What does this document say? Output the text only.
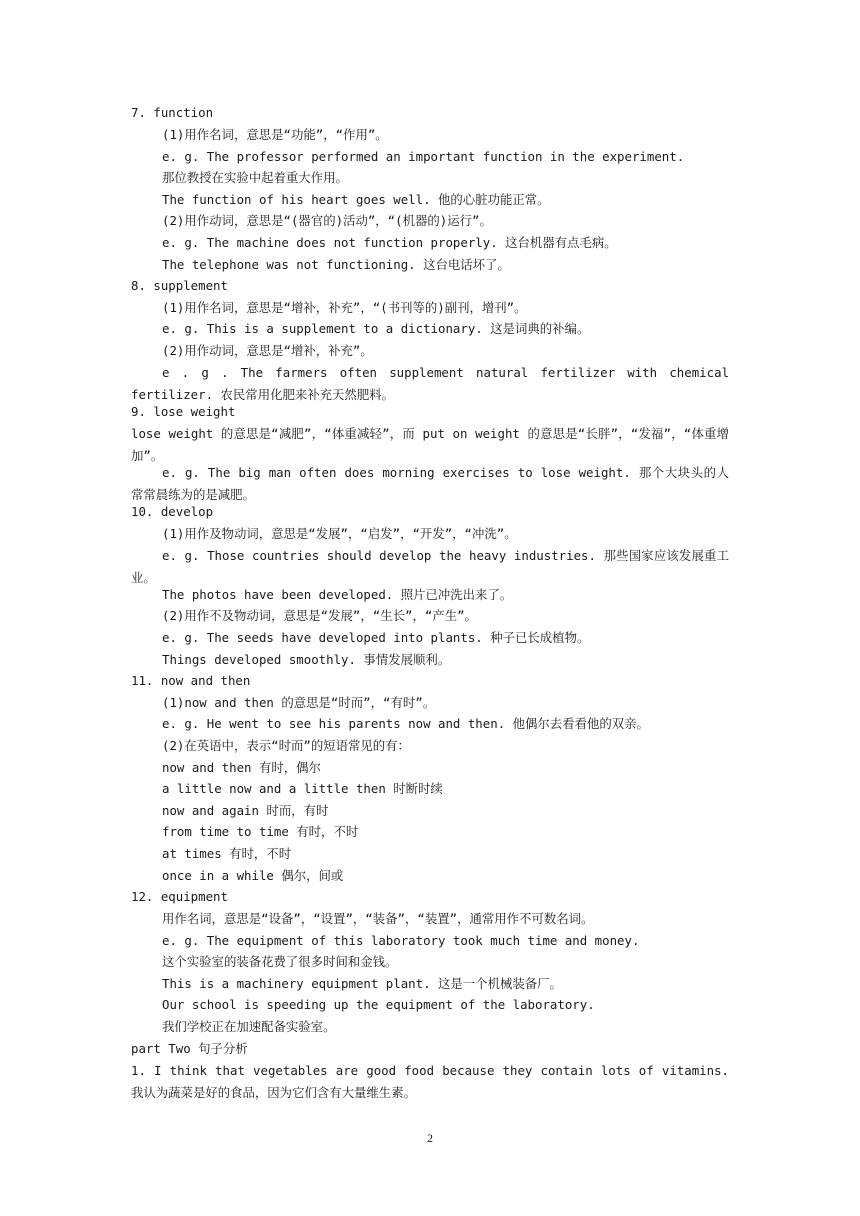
7. function
(1)用作名词，意思是“功能”，“作用”。
e. g. The professor performed an important function in the experiment.
那位教授在实验中起着重大作用。
The function of his heart goes well. 他的心脏功能正常。
(2)用作动词，意思是“(器官的)活动”，“(机器的)运行”。
e. g. The machine does not function properly. 这台机器有点毛病。
The telephone was not functioning. 这台电话坏了。
8. supplement
(1)用作名词，意思是“增补，补充”，“(书刊等的)副刊，增刊”。
e. g. This is a supplement to a dictionary. 这是词典的补编。
(2)用作动词，意思是“增补，补充”。
e . g . The farmers often supplement natural fertilizer with chemical fertilizer. 农民常用化肥来补充天然肥料。
9. lose weight
lose weight 的意思是“减肥”，“体重减轻”，而 put on weight 的意思是“长胖”，“发福”，“体重增加”。
e. g. The big man often does morning exercises to lose weight. 那个大块头的人常常晨练为的是减肥。
10. develop
(1)用作及物动词，意思是“发展”，“启发”，“开发”，“冲洗”。
e. g. Those countries should develop the heavy industries. 那些国家应该发展重工业。
The photos have been developed. 照片已冲洗出来了。
(2)用作不及物动词，意思是“发展”，“生长”，“产生”。
e. g. The seeds have developed into plants. 种子已长成植物。
Things developed smoothly. 事情发展顺利。
11. now and then
(1)now and then 的意思是“时而”，“有时”。
e. g. He went to see his parents now and then. 他偶尔去看看他的双亲。
(2)在英语中，表示“时而”的短语常见的有：
now and then 有时，偶尔
a little now and a little then 时断时续
now and again 时而，有时
from time to time 有时，不时
at times 有时，不时
once in a while 偶尔，间或
12. equipment
用作名词，意思是“设备”，“设置”，“装备”，“装置”，通常用作不可数名词。
e. g. The equipment of this laboratory took much time and money.
这个实验室的装备花费了很多时间和金钱。
This is a machinery equipment plant. 这是一个机械装备厂。
Our school is speeding up the equipment of the laboratory.
我们学校正在加速配备实验室。
part Two 句子分析
1. I think that vegetables are good food because they contain lots of vitamins.我认为蔬菜是好的食品，因为它们含有大量维生素。
2
